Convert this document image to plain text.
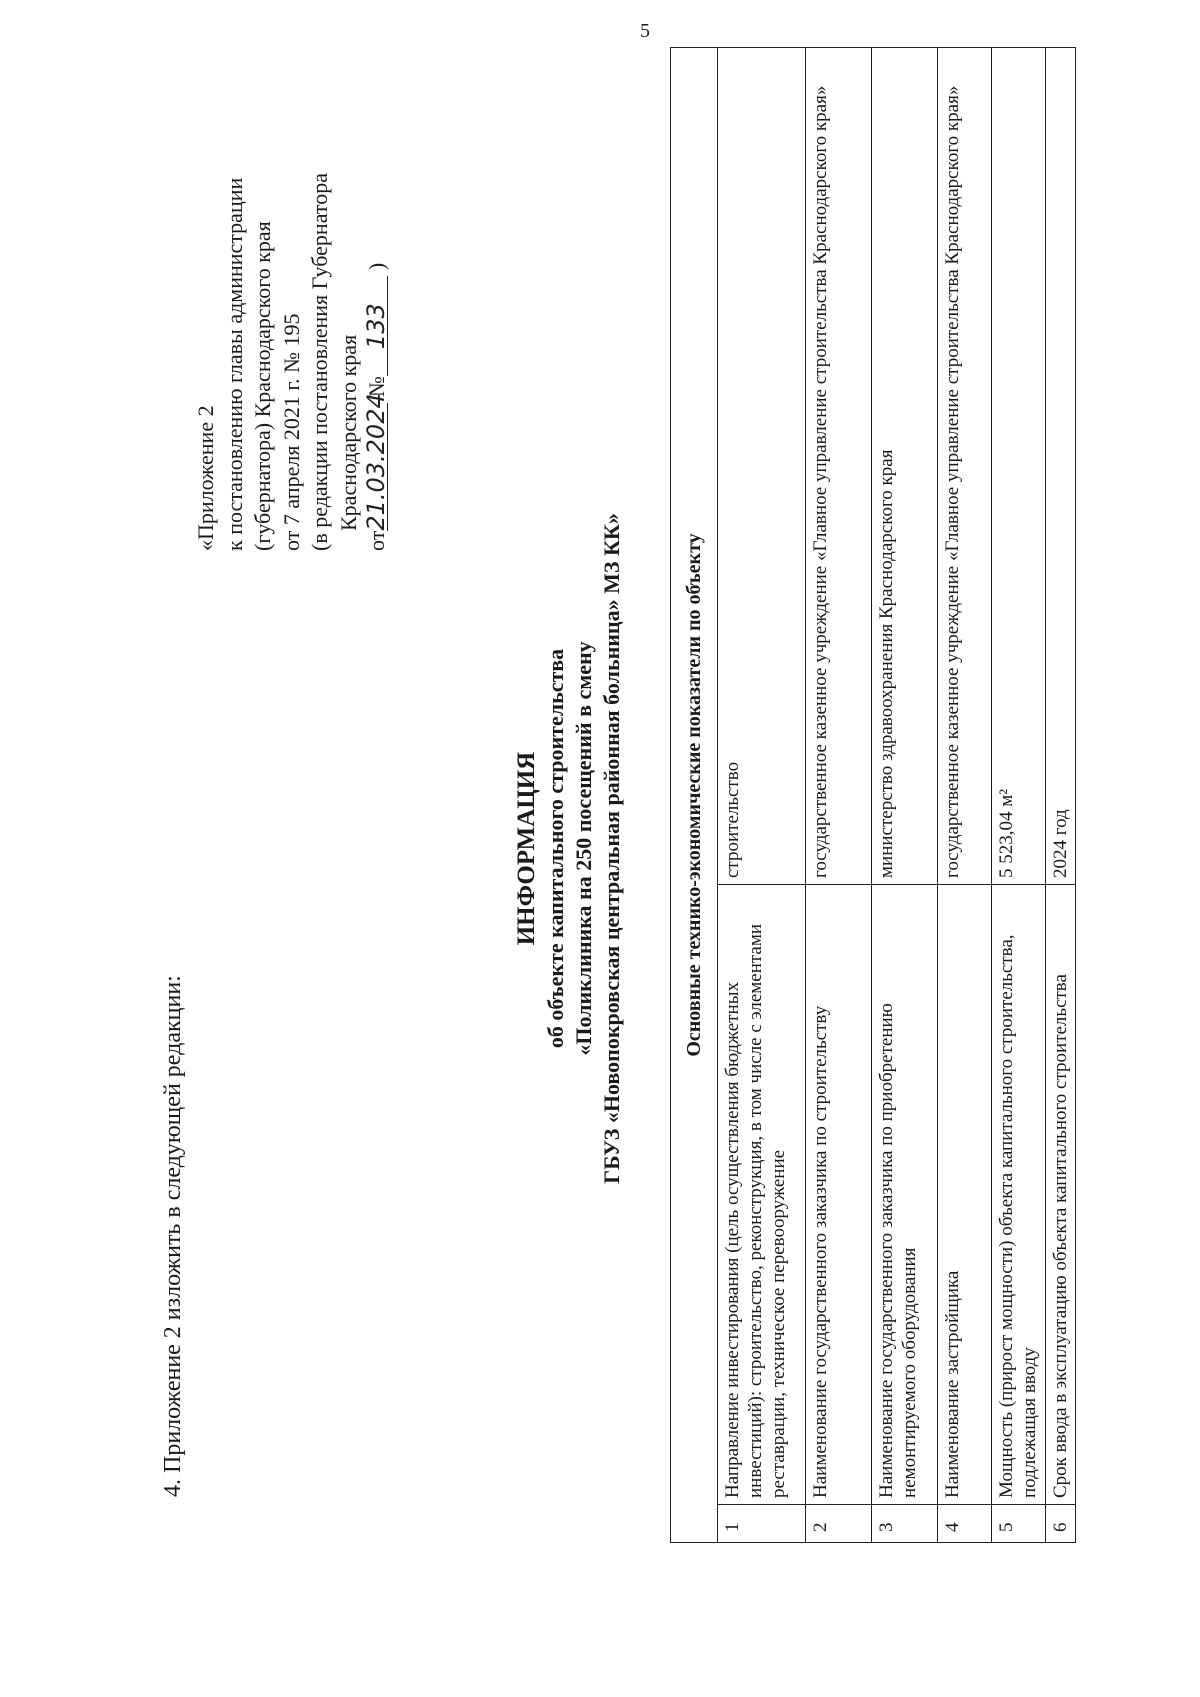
5
4. Приложение 2 изложить в следующей редакции:
«Приложение 2 к постановлению главы администрации (губернатора) Краснодарского края от 7 апреля 2021 г. № 195 (в редакции постановления Губернатора Краснодарского края
от21.03.2024 №133)
ИНФОРМАЦИЯ об объекте капитального строительства «Поликлиника на 250 посещений в смену ГБУЗ «Новопокровская центральная районная больница» МЗ КК»	Основные технико-экономические показатели по объекту		
1	Направление инвестирования (цель осуществления бюджетных инвестиций): строительство, реконструкция, в том числе с элементами реставрации, техническое перевооружение	строительство
2	Наименование государственного заказчика по строительству	государственное казенное учреждение «Главное управление строительства Краснодарского края»
3	Наименование государственного заказчика по приобретению немонтируемого оборудования	министерство здравоохранения Краснодарского края
4	Наименование застройщика	государственное казенное учреждение «Главное управление строительства Краснодарского края»
5	Мощность (прирост мощности) объекта капитального строительства, подлежащая вводу	5 523,04 м²
6	Срок ввода в эксплуатацию объекта капитального строительства	2024 год
